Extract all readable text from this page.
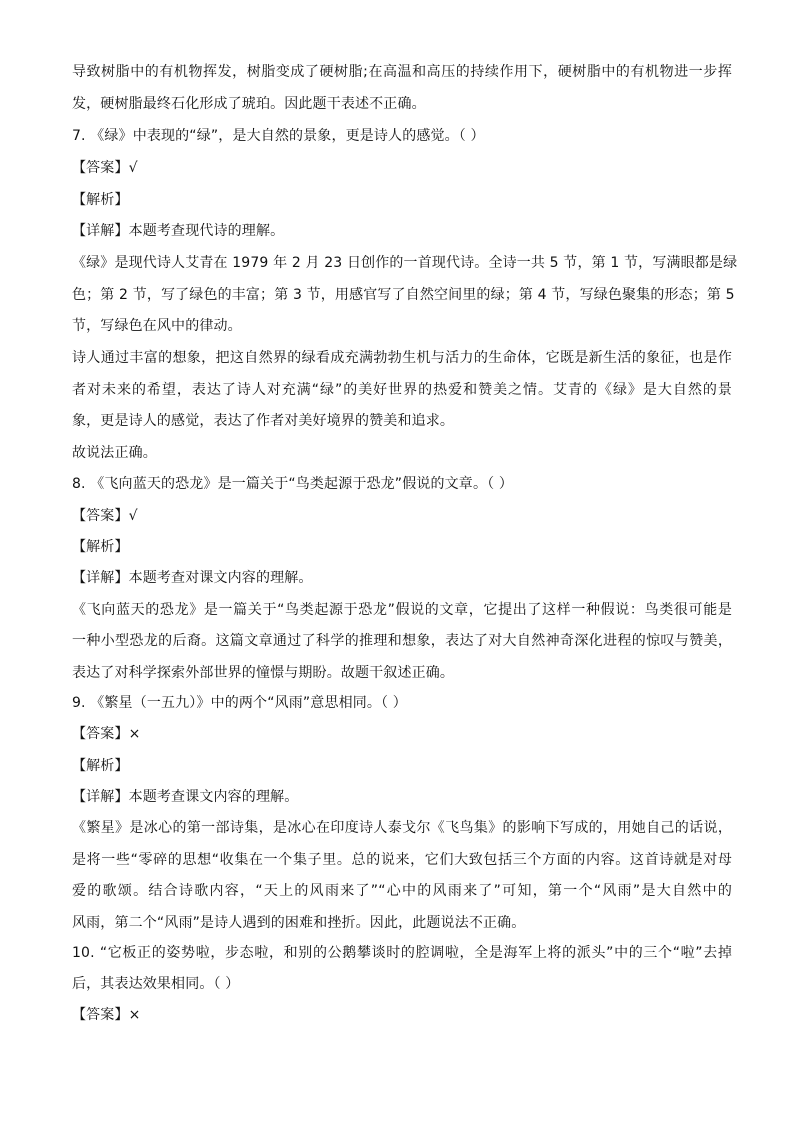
导致树脂中的有机物挥发，树脂变成了硬树脂;在高温和高压的持续作用下，硬树脂中的有机物进一步挥
发，硬树脂最终石化形成了琥珀。因此题干表述不正确。
7. 《绿》中表现的“绿”，是大自然的景象，更是诗人的感觉。（ ）
【答案】√
【解析】
【详解】本题考查现代诗的理解。
《绿》是现代诗人艾青在 1979 年 2 月 23 日创作的一首现代诗。全诗一共 5 节，第 1 节，写满眼都是绿
色；第 2 节，写了绿色的丰富；第 3 节，用感官写了自然空间里的绿；第 4 节，写绿色聚集的形态；第 5
节，写绿色在风中的律动。
诗人通过丰富的想象，把这自然界的绿看成充满勃勃生机与活力的生命体，它既是新生活的象征，也是作
者对未来的希望，表达了诗人对充满“绿”的美好世界的热爱和赞美之情。艾青的《绿》是大自然的景
象，更是诗人的感觉，表达了作者对美好境界的赞美和追求。
故说法正确。
8. 《飞向蓝天的恐龙》是一篇关于“鸟类起源于恐龙”假说的文章。（ ）
【答案】√
【解析】
【详解】本题考查对课文内容的理解。
《飞向蓝天的恐龙》是一篇关于“鸟类起源于恐龙”假说的文章，它提出了这样一种假说：鸟类很可能是
一种小型恐龙的后裔。这篇文章通过了科学的推理和想象，表达了对大自然神奇深化进程的惊叹与赞美，
表达了对科学探索外部世界的憧憬与期盼。故题干叙述正确。
9. 《繁星（一五九）》中的两个“风雨”意思相同。（ ）
【答案】×
【解析】
【详解】本题考查课文内容的理解。
《繁星》是冰心的第一部诗集，是冰心在印度诗人泰戈尔《飞鸟集》的影响下写成的，用她自己的话说，
是将一些“零碎的思想“收集在一个集子里。总的说来，它们大致包括三个方面的内容。这首诗就是对母
爱的歌颂。结合诗歌内容，“天上的风雨来了”“心中的风雨来了”可知，第一个“风雨”是大自然中的
风雨，第二个“风雨”是诗人遇到的困难和挫折。因此，此题说法不正确。
10. “它板正的姿势啦，步态啦，和别的公鹅攀谈时的腔调啦，全是海军上将的派头”中的三个“啦”去掉
后，其表达效果相同。（ ）
【答案】×
